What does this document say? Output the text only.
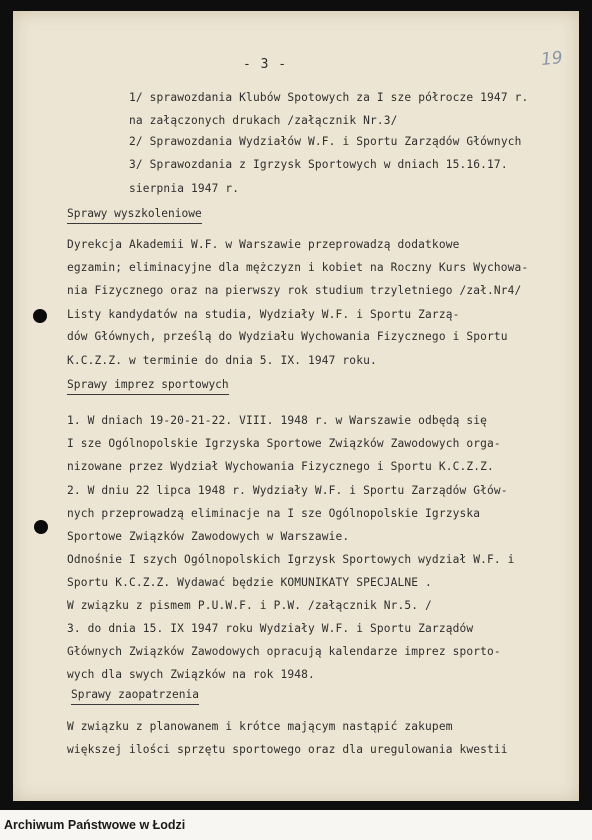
- 3 -	19
1/ sprawozdania Klubów Spotowych za I sze półrocze 1947 r.
na załączonych drukach /załącznik Nr.3/
2/ Sprawozdania Wydziałów W.F. i Sportu Zarządów Głównych
3/ Sprawozdania z Igrzysk Sportowych w dniach 15.16.17.
sierpnia 1947 r.
Sprawy wyszkoleniowe
Dyrekcja Akademii W.F. w Warszawie przeprowadzą dodatkowe
egzamin; eliminacyjne dla mężczyzn i kobiet na Roczny Kurs Wychowa-
nia Fizycznego oraz na pierwszy rok studium trzyletniego /zał.Nr4/
Listy kandydatów na studia, Wydziały W.F. i Sportu Zarzą-
dów Głównych, prześlą do Wydziału Wychowania Fizycznego i Sportu
K.C.Z.Z. w terminie do dnia 5. IX. 1947 roku.
Sprawy imprez sportowych
1. W dniach 19-20-21-22. VIII. 1948 r. w Warszawie odbędą się
I sze Ogólnopolskie Igrzyska Sportowe Związków Zawodowych orga-
nizowane przez Wydział Wychowania Fizycznego i Sportu K.C.Z.Z.
2. W dniu 22 lipca 1948 r. Wydziały W.F. i Sportu Zarządów Głów-
nych przeprowadzą eliminacje na I sze Ogólnopolskie Igrzyska
Sportowe Związków Zawodowych w Warszawie.
Odnośnie I szych Ogólnopolskich Igrzysk Sportowych wydział W.F. i
Sportu K.C.Z.Z. Wydawać będzie KOMUNIKATY SPECJALNE .
W związku z pismem P.U.W.F. i P.W. /załącznik Nr.5. /
3. do dnia 15. IX 1947 roku Wydziały W.F. i Sportu Zarządów
Głównych Związków Zawodowych opracują kalendarze imprez sporto-
wych dla swych Związków na rok 1948.
Sprawy zaopatrzenia
W związku z planowanem i krótce mającym nastąpić zakupem
większej ilości sprzętu sportowego oraz dla uregulowania kwestii
Archiwum Państwowe w Łodzi
